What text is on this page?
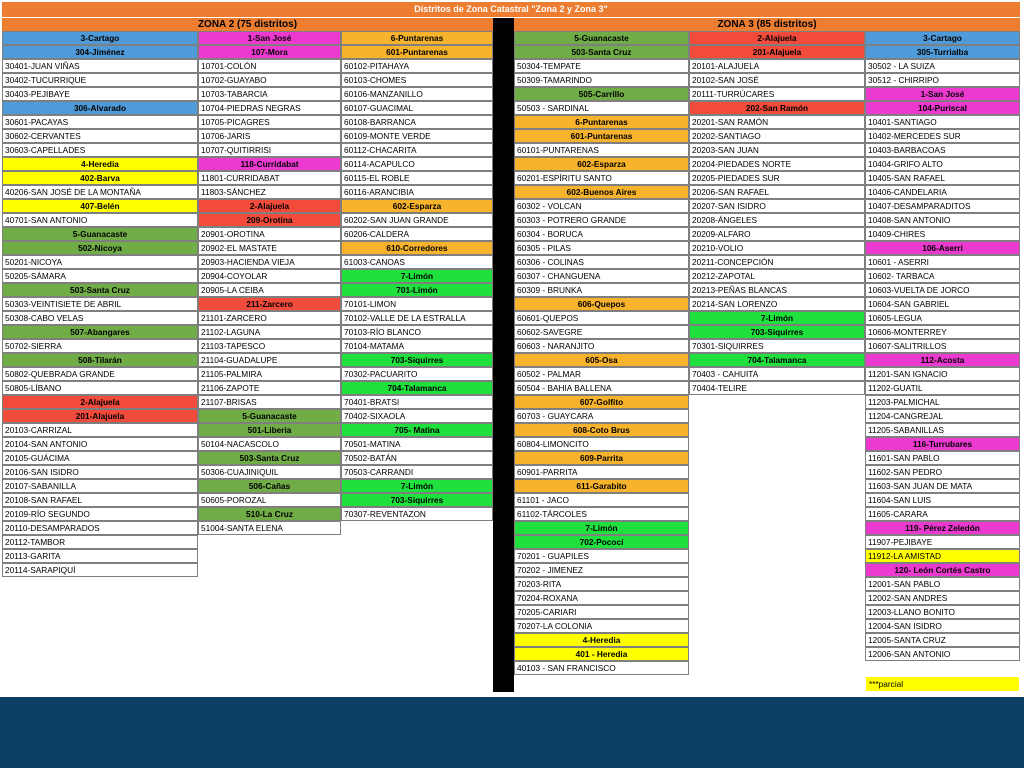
Distritos de Zona Catastral "Zona 2 y Zona 3"
ZONA 2 (75 distritos)	ZONA 3 (85 distritos)
3-Cartago
304-Jiménez
30401-JUAN VIÑAS
30402-TUCURRIQUE
30403-PEJIBAYE
306-Alvarado
30601-PACAYAS
30602-CERVANTES
30603-CAPELLADES
4-Heredia
402-Barva
40206-SAN JOSÉ DE LA MONTAÑA
407-Belén
40701-SAN ANTONIO
5-Guanacaste
502-Nicoya
50201-NICOYA
50205-SÁMARA
503-Santa Cruz
50303-VEINTISIETE DE ABRIL
50308-CABO VELAS
507-Abangares
50702-SIERRA
508-Tilarán
50802-QUEBRADA GRANDE
50805-LÍBANO
2-Alajuela
201-Alajuela
20103-CARRIZAL
20104-SAN ANTONIO
20105-GUÁCIMA
20106-SAN ISIDRO
20107-SABANILLA
20108-SAN RAFAEL
20109-RÍO SEGUNDO
20110-DESAMPARADOS
20112-TAMBOR
20113-GARITA
20114-SARAPIQUÍ
1-San José
107-Mora
10701-COLÓN
10702-GUAYABO
10703-TABARCIA
10704-PIEDRAS NEGRAS
10705-PICAGRES
10706-JARIS
10707-QUITIRRISI
118-Curridabat
11801-CURRIDABAT
11803-SÁNCHEZ
2-Alajuela
209-Orotina
20901-OROTINA
20902-EL MASTATE
20903-HACIENDA VIEJA
20904-COYOLAR
20905-LA CEIBA
211-Zarcero
21101-ZARCERO
21102-LAGUNA
21103-TAPESCO
21104-GUADALUPE
21105-PALMIRA
21106-ZAPOTE
21107-BRISAS
5-Guanacaste
501-Liberia
50104-NACASCOLO
503-Santa Cruz
50306-CUAJINIQUIL
506-Cañas
50605-POROZAL
510-La Cruz
51004-SANTA ELENA
6-Puntarenas
601-Puntarenas
60102-PITAHAYA
60103-CHOMES
60106-MANZANILLO
60107-GUACIMAL
60108-BARRANCA
60109-MONTE VERDE
60112-CHACARITA
60114-ACAPULCO
60115-EL ROBLE
60116-ARANCIBIA
602-Esparza
60202-SAN JUAN GRANDE
60206-CALDERA
610-Corredores
61003-CANOAS
7-Limón
701-Limón
70101-LIMON
70102-VALLE DE LA ESTRALLA
70103-RÍO BLANCO
70104-MATAMA
703-Siquirres
70302-PACUARITO
704-Talamanca
70401-BRATSI
70402-SIXAOLA
705- Matina
70501-MATINA
70502-BATÁN
70503-CARRANDI
7-Limón
703-Siquirres
70307-REVENTAZON
5-Guanacaste
503-Santa Cruz
50304-TEMPATE
50309-TAMARINDO
505-Carrillo
50503 - SARDINAL
6-Puntarenas
601-Puntarenas
60101-PUNTARENAS
602-Esparza
60201-ESPÍRITU SANTO
602-Buenos Aires
60302 - VOLCAN
60303 - POTRERO GRANDE
60304 - BORUCA
60305 - PILAS
60306 - COLINAS
60307 - CHANGUENA
60309 - BRUNKA
606-Quepos
60601-QUEPOS
60602-SAVEGRE
60603 - NARANJITO
605-Osa
60502 - PALMAR
60504 - BAHIA BALLENA
607-Golfito
60703 - GUAYCARA
608-Coto Brus
60804-LIMONCITO
609-Parrita
60901-PARRITA
611-Garabito
61101 - JACO
61102-TÁRCOLES
7-Limón
702-Pococí
70201 - GUAPILES
70202 - JIMENEZ
70203-RITA
70204-ROXANA
70205-CARIARI
70207-LA COLONIA
4-Heredia
401 - Heredia
40103 - SAN FRANCISCO
2-Alajuela
201-Alajuela
20101-ALAJUELA
20102-SAN JOSÉ
20111-TURRÚCARES
202-San Ramón
20201-SAN RAMÓN
20202-SANTIAGO
20203-SAN JUAN
20204-PIEDADES NORTE
20205-PIEDADES SUR
20206-SAN RAFAEL
20207-SAN ISIDRO
20208-ÁNGELES
20209-ALFARO
20210-VOLIO
20211-CONCEPCIÓN
20212-ZAPOTAL
20213-PEÑAS BLANCAS
20214-SAN LORENZO
7-Limón
703-Siquirres
70301-SIQUIRRES
704-Talamanca
70403 - CAHUITA
70404-TELIRE
3-Cartago
305-Turrialba
30502 - LA SUIZA
30512 - CHIRRIPO
1-San José
104-Puriscal
10401-SANTIAGO
10402-MERCEDES SUR
10403-BARBACOAS
10404-GRIFO ALTO
10405-SAN RAFAEL
10406-CANDELARIA
10407-DESAMPARADITOS
10408-SAN ANTONIO
10409-CHIRES
106-Aserrí
10601 - ASERRI
10602- TARBACA
10603-VUELTA DE JORCO
10604-SAN GABRIEL
10605-LEGUA
10606-MONTERREY
10607-SALITRILLOS
112-Acosta
11201-SAN IGNACIO
11202-GUATIL
11203-PALMICHAL
11204-CANGREJAL
11205-SABANILLAS
116-Turrubares
11601-SAN PABLO
11602-SAN PEDRO
11603-SAN JUAN DE MATA
11604-SAN LUIS
11605-CARARA
119- Pérez Zeledón
11907-PEJIBAYE
11912-LA AMISTAD
120- León Cortés Castro
12001-SAN PABLO
12002-SAN ANDRES
12003-LLANO BONITO
12004-SAN ISIDRO
12005-SANTA CRUZ
12006-SAN ANTONIO
***parcial
